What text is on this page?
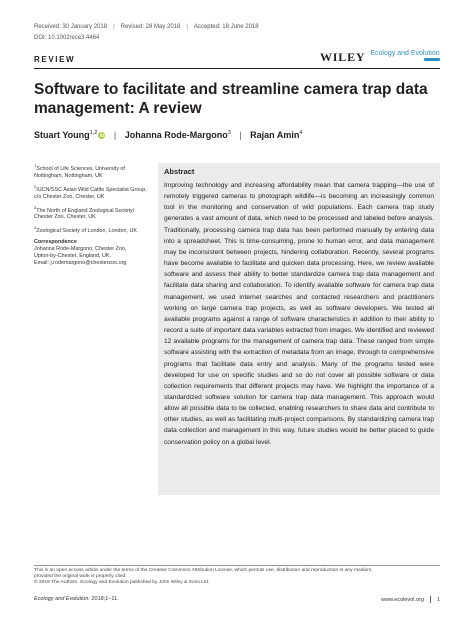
Received: 30 January 2018 | Revised: 28 May 2018 | Accepted: 18 June 2018
DOI: 10.1002/ece3.4464
REVIEW	WILEY Ecology and Evolution
Software to facilitate and streamline camera trap data management: A review
Stuart Young$^{1,2}$ iD | Johanna Rode-Margono$^3$ | Rajan Amin$^4$
$^1$School of Life Sciences, University of Nottingham, Nottingham, UK
$^2$IUCN/SSC Asian Wild Cattle Specialist Group, c/o Chester Zoo, Chester, UK
$^3$The North of England Zoological Society/ Chester Zoo, Chester, UK
$^4$Zoological Society of London, London, UK
Correspondence
Johanna Rode-Margono, Chester Zoo,
Upton-by-Chester, England, UK.
Email: j.rodemargono@chesterzoo.org
Abstract

Improving technology and increasing affordability mean that camera trapping—the use of remotely triggered cameras to photograph wildlife—is becoming an increasingly common tool in the monitoring and conservation of wild populations. Each camera trap study generates a vast amount of data, which need to be processed and labeled before analysis. Traditionally, processing camera trap data has been performed manually by entering data into a spreadsheet. This is time-consuming, prone to human error, and data management may be inconsistent between projects, hindering collaboration. Recently, several programs have become available to facilitate and quicken data processing. Here, we review available software and assess their ability to better standardize camera trap data management and facilitate data sharing and collaboration. To identify available software for camera trap data management, we used internet searches and contacted researchers and practitioners working on large camera trap projects, as well as software developers. We tested all available programs against a range of software characteristics in addition to their ability to record a suite of important data variables extracted from images. We identified and reviewed 12 available programs for the management of camera trap data. These ranged from simple software assisting with the extraction of metadata from an image, through to comprehensive programs that facilitate data entry and analysis. Many of the programs tested were developed for use on specific studies and so do not cover all possible software or data collection requirements that different projects may have. We highlight the importance of a standardized software solution for camera trap data management. This approach would allow all possible data to be collected, enabling researchers to share data and contribute to other studies, as well as facilitating multi-project comparisons. By standardizing camera trap data collection and management in this way, future studies would be better placed to guide conservation policy on a global level.

This is an open access article under the terms of the Creative Commons Attribution License, which permits use, distribution and reproduction in any medium,
provided the original work is properly cited.
© 2018 The Authors. Ecology and Evolution published by John Wiley & Sons Ltd.
Ecology and Evolution. 2018;1–11.	www.ecolevol.org 1
